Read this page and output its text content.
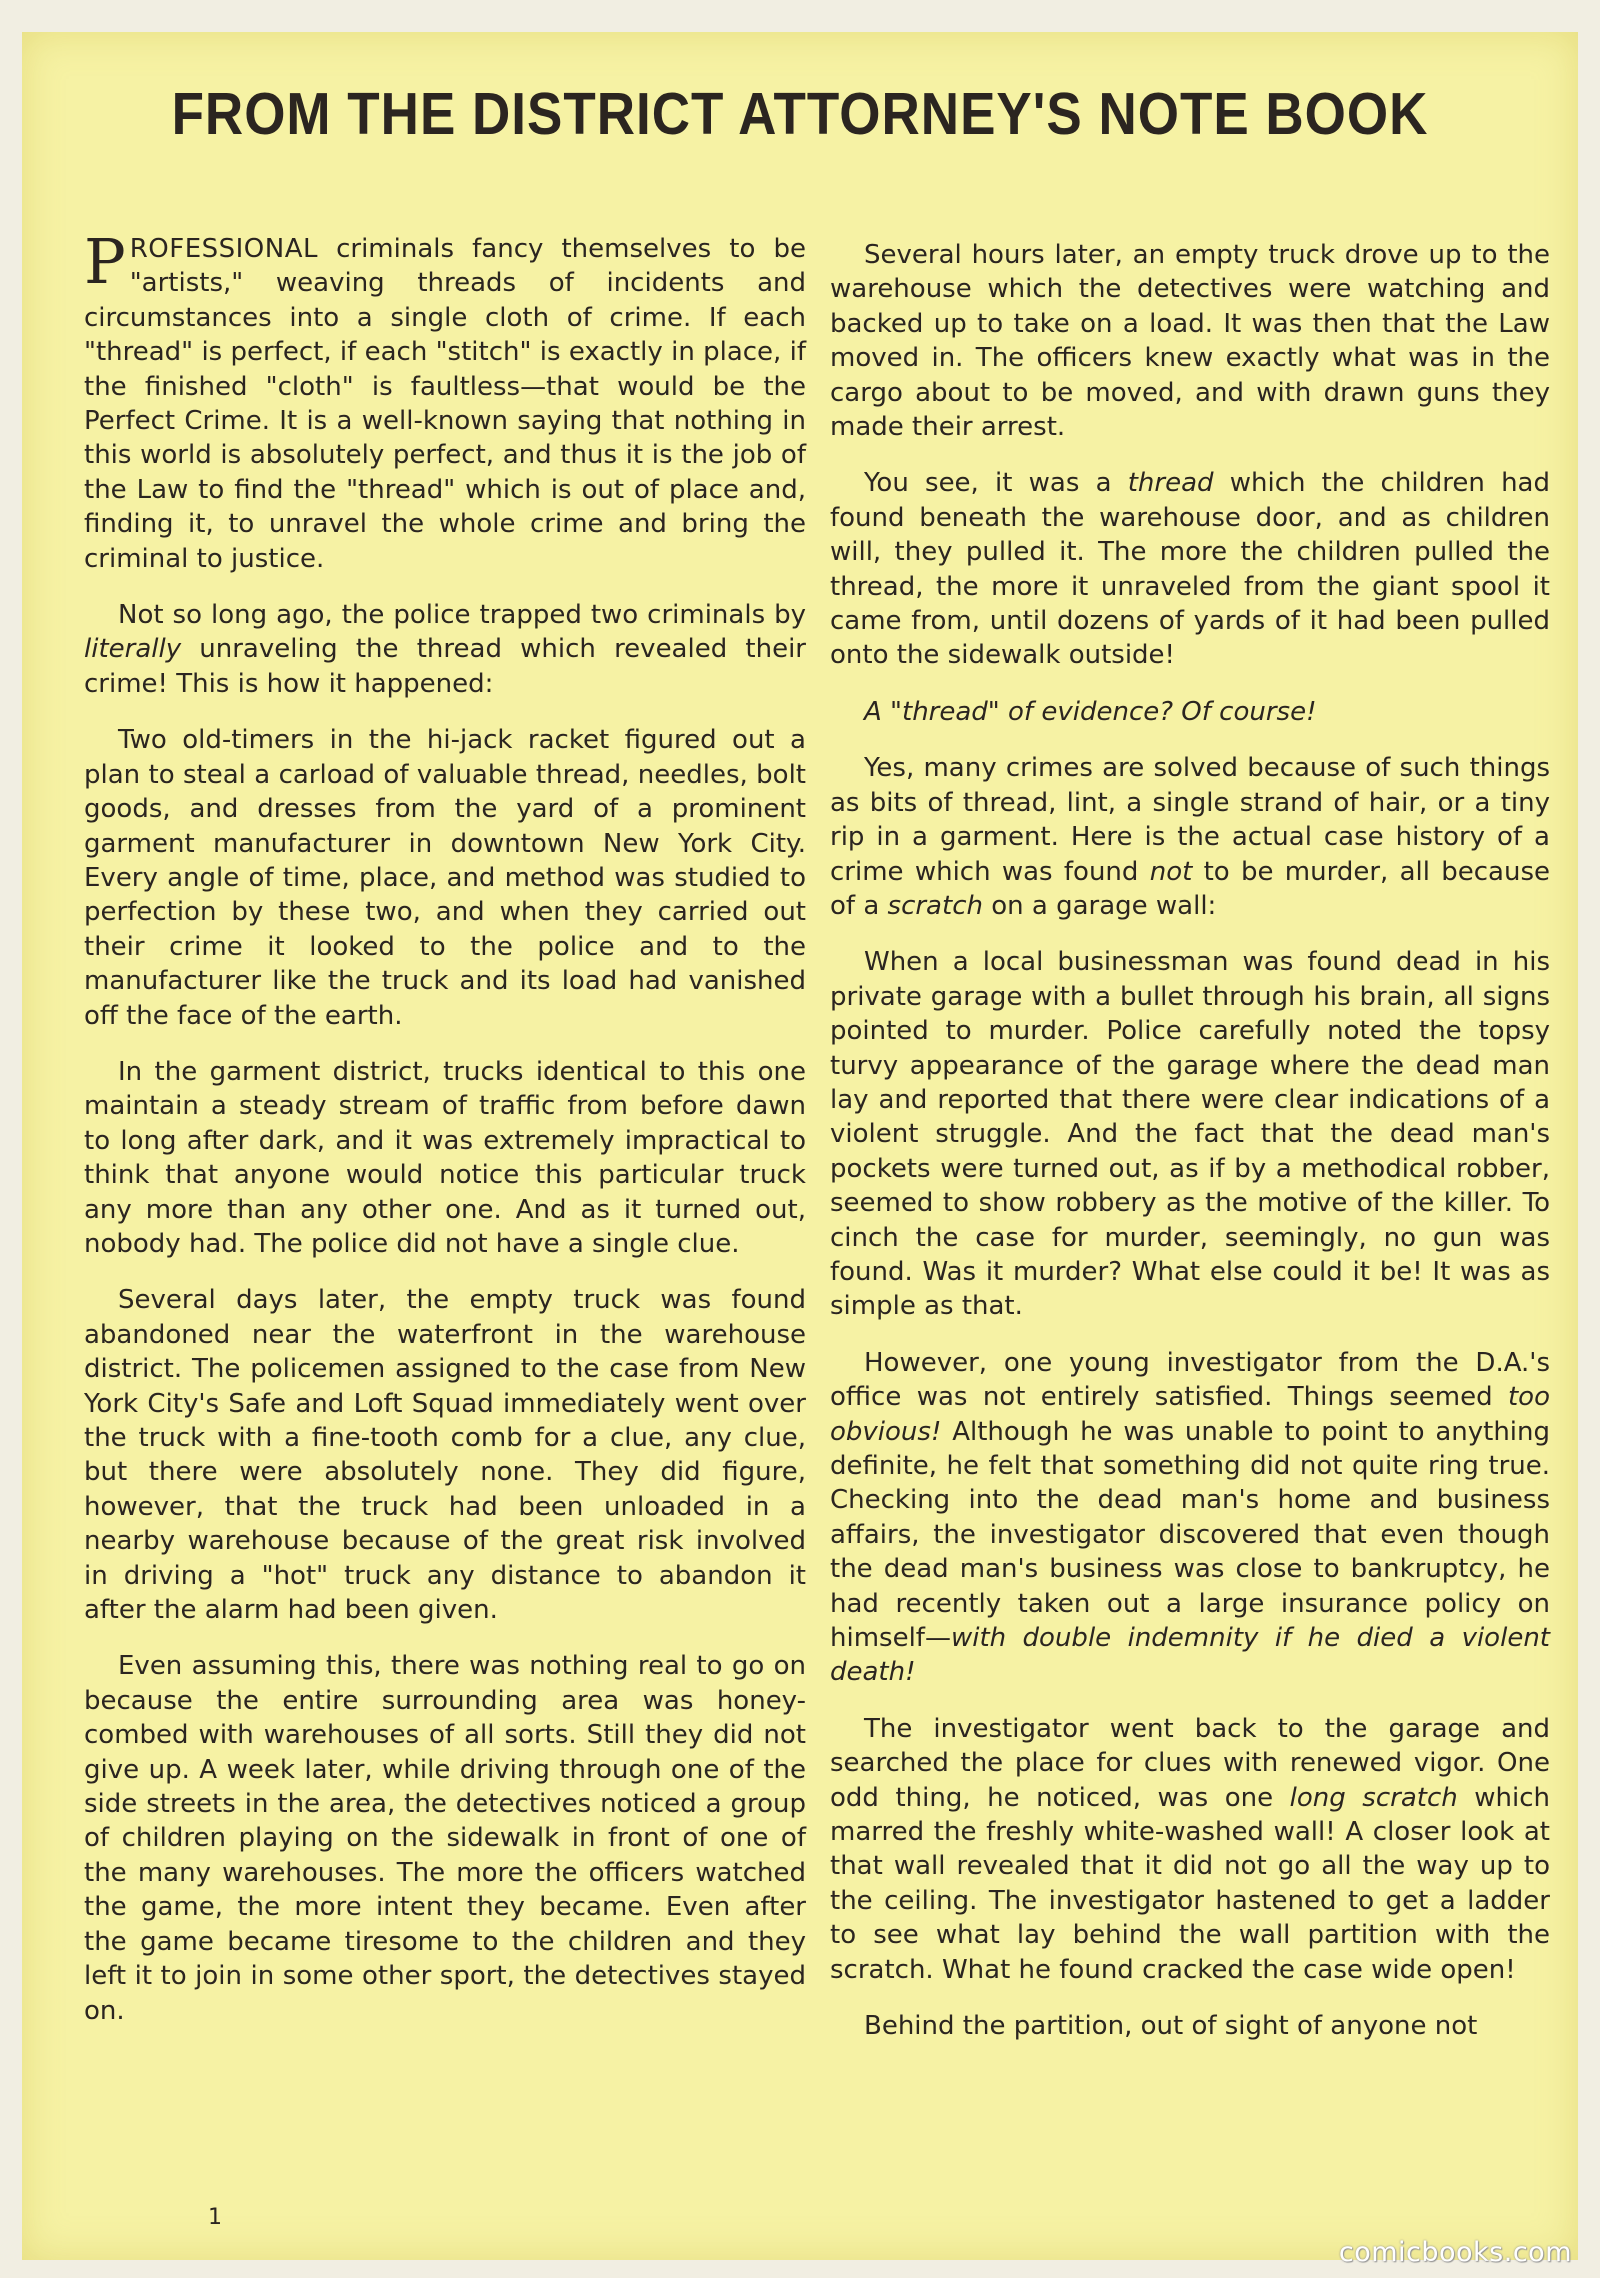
FROM THE DISTRICT ATTORNEY'S NOTE BOOK

PROFESSIONAL criminals fancy themselves to be "artists," weaving threads of incidents and circumstances into a single cloth of crime. If each "thread" is perfect, if each "stitch" is exactly in place, if the finished "cloth" is faultless—that would be the Perfect Crime. It is a well-known saying that nothing in this world is absolutely perfect, and thus it is the job of the Law to find the "thread" which is out of place and, finding it, to unravel the whole crime and bring the criminal to justice.

Not so long ago, the police trapped two criminals by literally unraveling the thread which revealed their crime! This is how it happened:

Two old-timers in the hi-jack racket figured out a plan to steal a carload of valuable thread, needles, bolt goods, and dresses from the yard of a prominent garment manufacturer in downtown New York City. Every angle of time, place, and method was studied to perfection by these two, and when they carried out their crime it looked to the police and to the manufacturer like the truck and its load had vanished off the face of the earth.

In the garment district, trucks identical to this one maintain a steady stream of traffic from before dawn to long after dark, and it was extremely impractical to think that anyone would notice this particular truck any more than any other one. And as it turned out, nobody had. The police did not have a single clue.

Several days later, the empty truck was found abandoned near the waterfront in the warehouse district. The policemen assigned to the case from New York City's Safe and Loft Squad immediately went over the truck with a fine-tooth comb for a clue, any clue, but there were absolutely none. They did figure, however, that the truck had been unloaded in a nearby warehouse because of the great risk involved in driving a "hot" truck any distance to abandon it after the alarm had been given.

Even assuming this, there was nothing real to go on because the entire surrounding area was honey-combed with warehouses of all sorts. Still they did not give up. A week later, while driving through one of the side streets in the area, the detectives noticed a group of children playing on the sidewalk in front of one of the many warehouses. The more the officers watched the game, the more intent they became. Even after the game became tiresome to the children and they left it to join in some other sport, the detectives stayed on.

Several hours later, an empty truck drove up to the warehouse which the detectives were watching and backed up to take on a load. It was then that the Law moved in. The officers knew exactly what was in the cargo about to be moved, and with drawn guns they made their arrest.

You see, it was a thread which the children had found beneath the warehouse door, and as children will, they pulled it. The more the children pulled the thread, the more it unraveled from the giant spool it came from, until dozens of yards of it had been pulled onto the sidewalk outside!

A "thread" of evidence? Of course!

Yes, many crimes are solved because of such things as bits of thread, lint, a single strand of hair, or a tiny rip in a garment. Here is the actual case history of a crime which was found not to be murder, all because of a scratch on a garage wall:

When a local businessman was found dead in his private garage with a bullet through his brain, all signs pointed to murder. Police carefully noted the topsy turvy appearance of the garage where the dead man lay and reported that there were clear indications of a violent struggle. And the fact that the dead man's pockets were turned out, as if by a methodical robber, seemed to show robbery as the motive of the killer. To cinch the case for murder, seemingly, no gun was found. Was it murder? What else could it be! It was as simple as that.

However, one young investigator from the D.A.'s office was not entirely satisfied. Things seemed too obvious! Although he was unable to point to anything definite, he felt that something did not quite ring true. Checking into the dead man's home and business affairs, the investigator discovered that even though the dead man's business was close to bankruptcy, he had recently taken out a large insurance policy on himself—with double indemnity if he died a violent death!

The investigator went back to the garage and searched the place for clues with renewed vigor. One odd thing, he noticed, was one long scratch which marred the freshly white-washed wall! A closer look at that wall revealed that it did not go all the way up to the ceiling. The investigator hastened to get a ladder to see what lay behind the wall partition with the scratch. What he found cracked the case wide open!

Behind the partition, out of sight of anyone not

1
comicbooks.com
